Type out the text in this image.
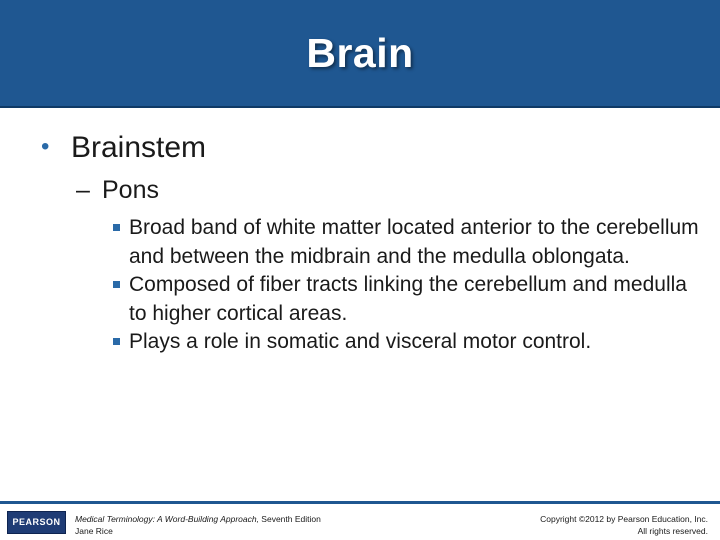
Brain
• Brainstem
– Pons
Broad band of white matter located anterior to the cerebellum and between the midbrain and the medulla oblongata.
Composed of fiber tracts linking the cerebellum and medulla to higher cortical areas.
Plays a role in somatic and visceral motor control.
PEARSON	Medical Terminology: A Word-Building Approach, Seventh Edition
Jane Rice
Copyright ©2012 by Pearson Education, Inc.
All rights reserved.
